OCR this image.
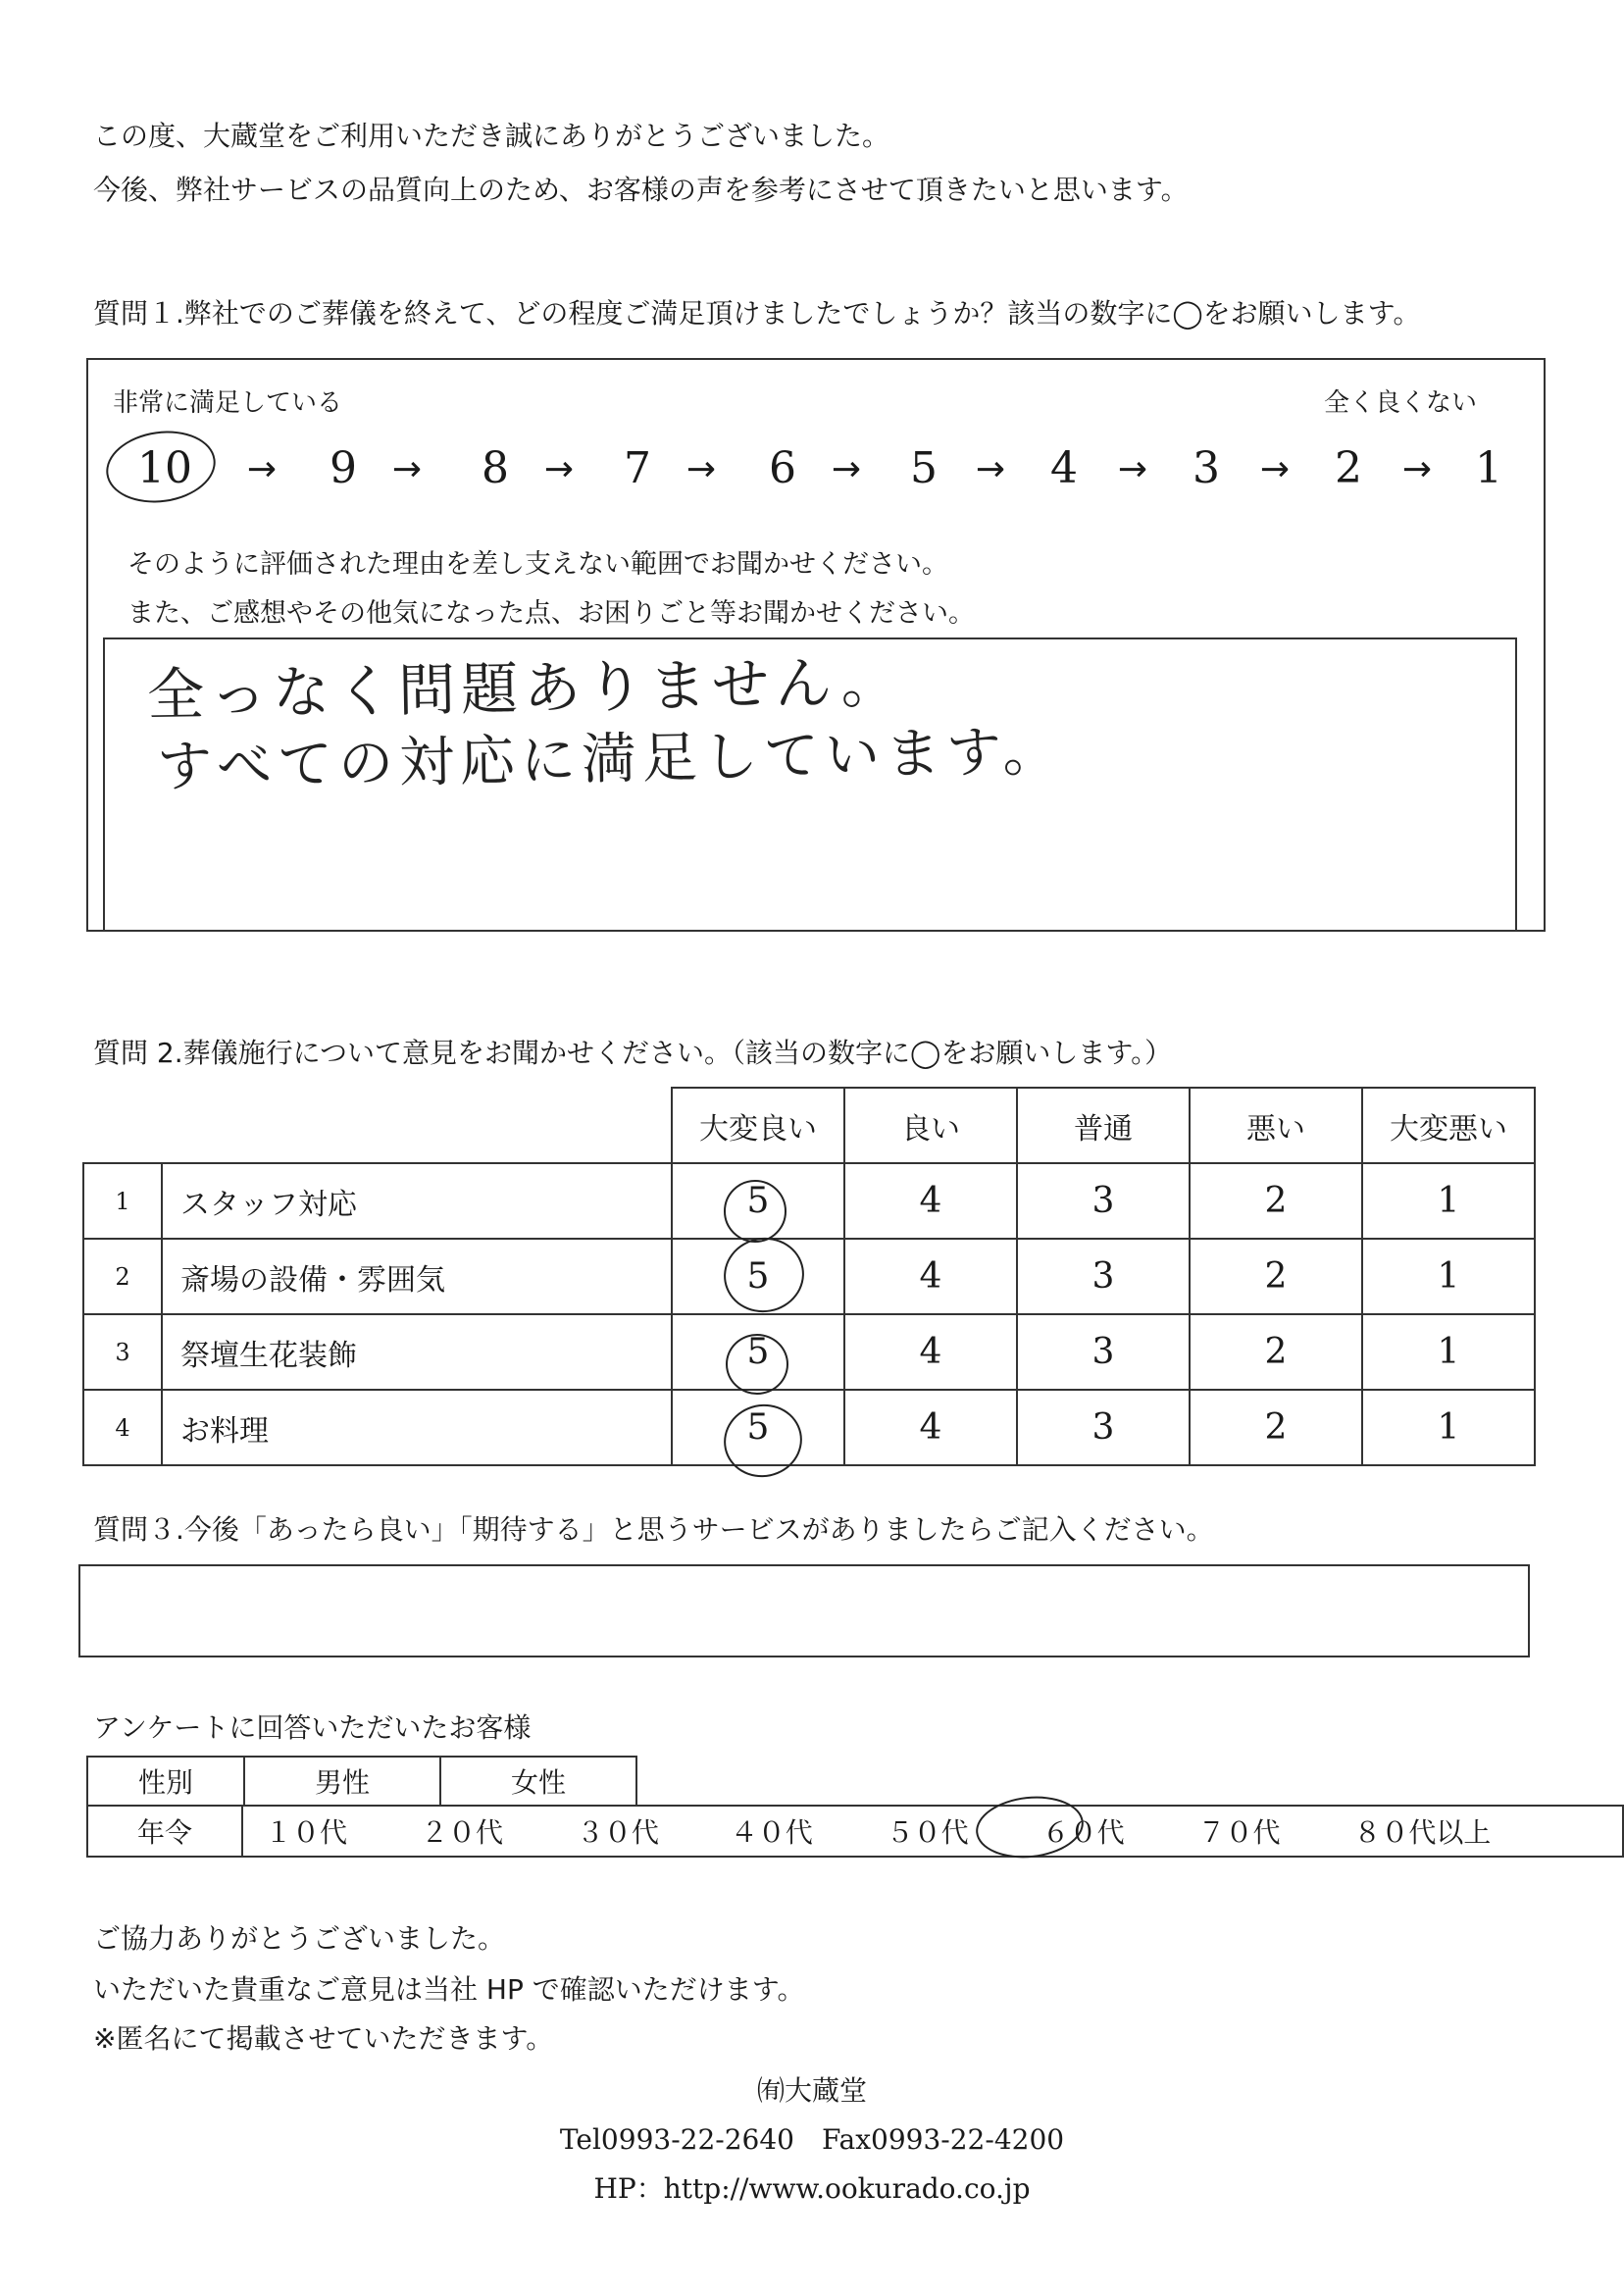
この度、大蔵堂をご利用いただき誠にありがとうございました。
今後、弊社サービスの品質向上のため、お客様の声を参考にさせて頂きたいと思います。
質問１.弊社でのご葬儀を終えて、どの程度ご満足頂けましたでしょうか？該当の数字に◯をお願いします。
非常に満足している	全く良くない
10	→	9 →	8 →	7 →	6 →	5	→	4	→	3	→	2	→ 1
そのように評価された理由を差し支えない範囲でお聞かせください。
また、ご感想やその他気になった点、お困りごと等お聞かせください。
全っなく問題ありません。
すべての対応に満足しています。
質問 2.葬儀施行について意見をお聞かせください。（該当の数字に◯をお願いします。）
		大変良い	良い	普通	悪い	大変悪い
1	スタッフ対応	5	4	3	2	1
2	斎場の設備・雰囲気	5	4	3	2	1
3	祭壇生花装飾	5	4	3	2	1
4	お料理	5	4	3	2	1
質問３.今後「あったら良い」「期待する」と思うサービスがありましたらご記入ください。
アンケートに回答いただいたお客様
性別	男性	女性
年令	１０代	２０代	３０代	４０代	５０代	６０代	７０代	８０代以上
ご協力ありがとうございました。
いただいた貴重なご意見は当社 HP で確認いただけます。
※匿名にて掲載させていただきます。
㈲大蔵堂
Tel0993-22-2640　Fax0993-22-4200
HP：http://www.ookurado.co.jp
